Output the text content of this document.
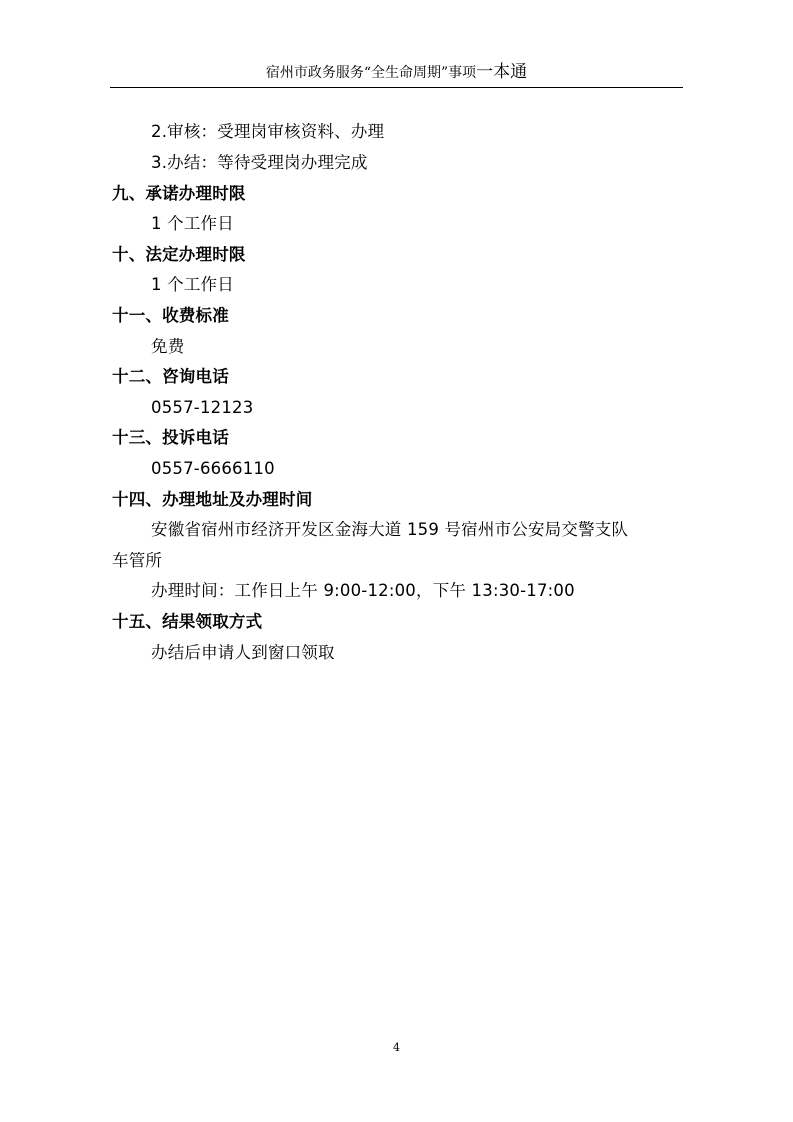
宿州市政务服务“全生命周期”事项一本通
2.审核：受理岗审核资料、办理
3.办结：等待受理岗办理完成
九、承诺办理时限
1 个工作日
十、法定办理时限
1 个工作日
十一、收费标准
免费
十二、咨询电话
0557-12123
十三、投诉电话
0557-6666110
十四、办理地址及办理时间
安徽省宿州市经济开发区金海大道 159 号宿州市公安局交警支队
车管所
办理时间：工作日上午 9:00-12:00，下午 13:30-17:00
十五、结果领取方式
办结后申请人到窗口领取
4
